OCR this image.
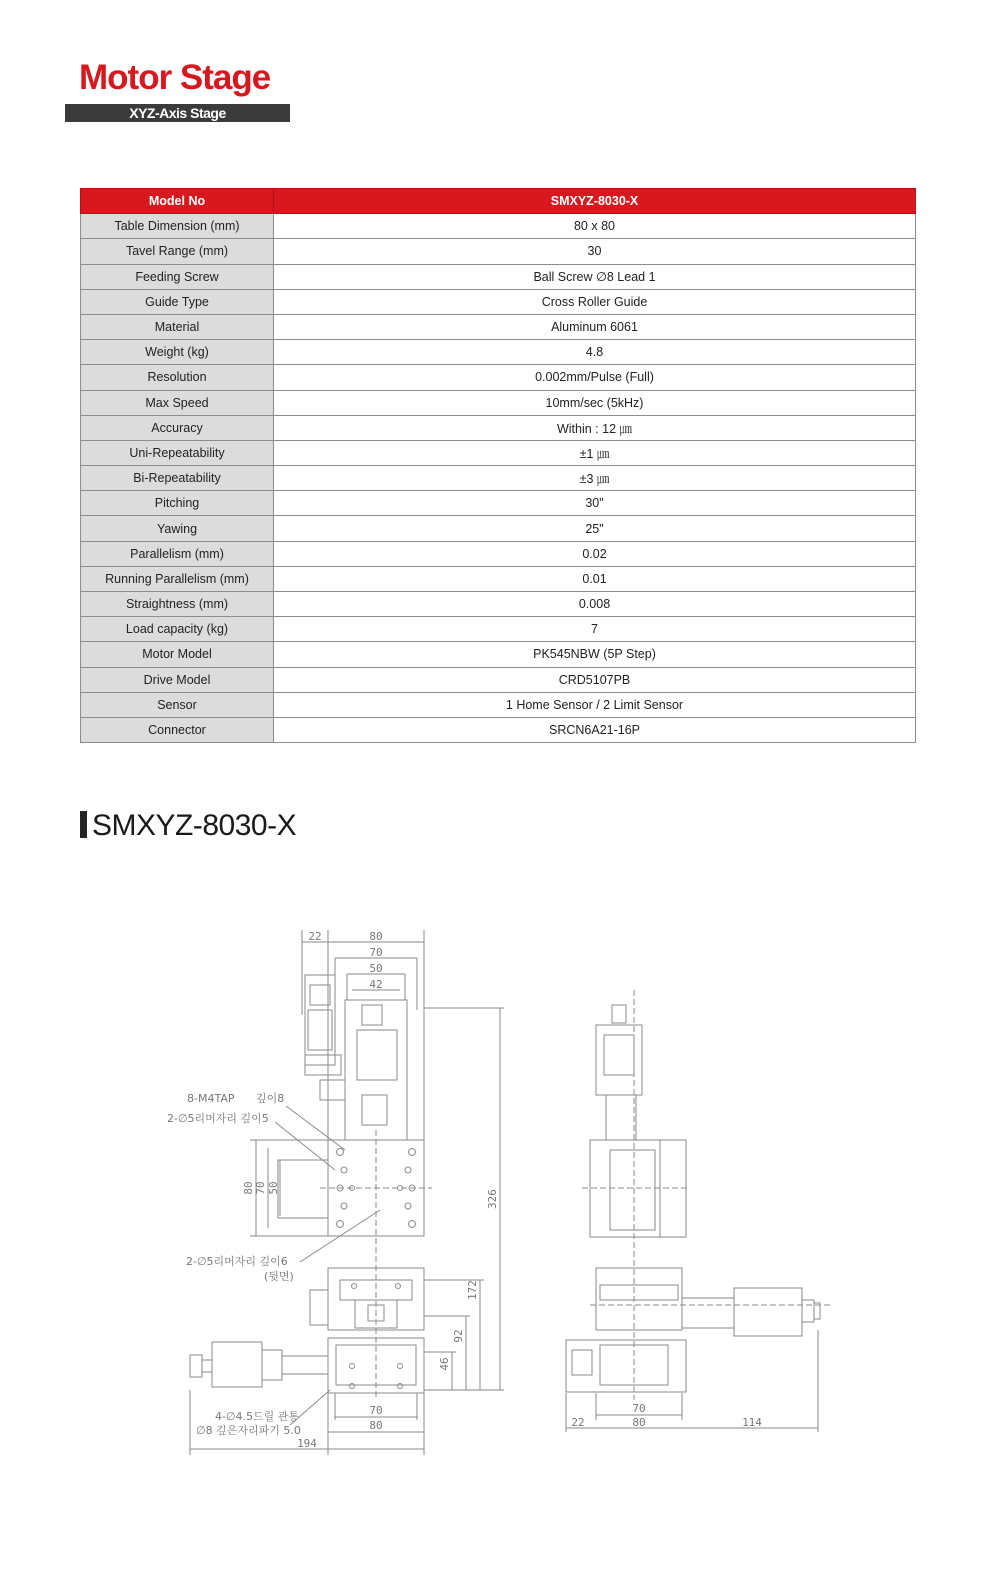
Motor Stage
XYZ-Axis Stage
Model No	SMXYZ-8030-X
Table Dimension (mm)	80 x 80
Tavel Range (mm)	30
Feeding Screw	Ball Screw ∅8 Lead 1
Guide Type	Cross Roller Guide
Material	Aluminum 6061
Weight (kg)	4.8
Resolution	0.002mm/Pulse (Full)
Max Speed	10mm/sec (5kHz)
Accuracy	Within : 12 ㎛
Uni-Repeatability	±1 ㎛
Bi-Repeatability	±3 ㎛
Pitching	30"
Yawing	25"
Parallelism (mm)	0.02
Running Parallelism (mm)	0.01
Straightness (mm)	0.008
Load capacity (kg)	7
Motor Model	PK545NBW (5P Step)
Drive Model	CRD5107PB
Sensor	1 Home Sensor / 2 Limit Sensor
Connector	SRCN6A21-16P
SMXYZ-8030-X
22	80
70
50
42
80 70 50
326
172
92
46
70
80
194
70
22	80	114
8-M4TAP 깊이8
2-∅5리머자리 깊이5
2-∅5리머자리 깊이6
(뒷면)
4-∅4.5드릴 관통
∅8 깊은자리파기 5.0
